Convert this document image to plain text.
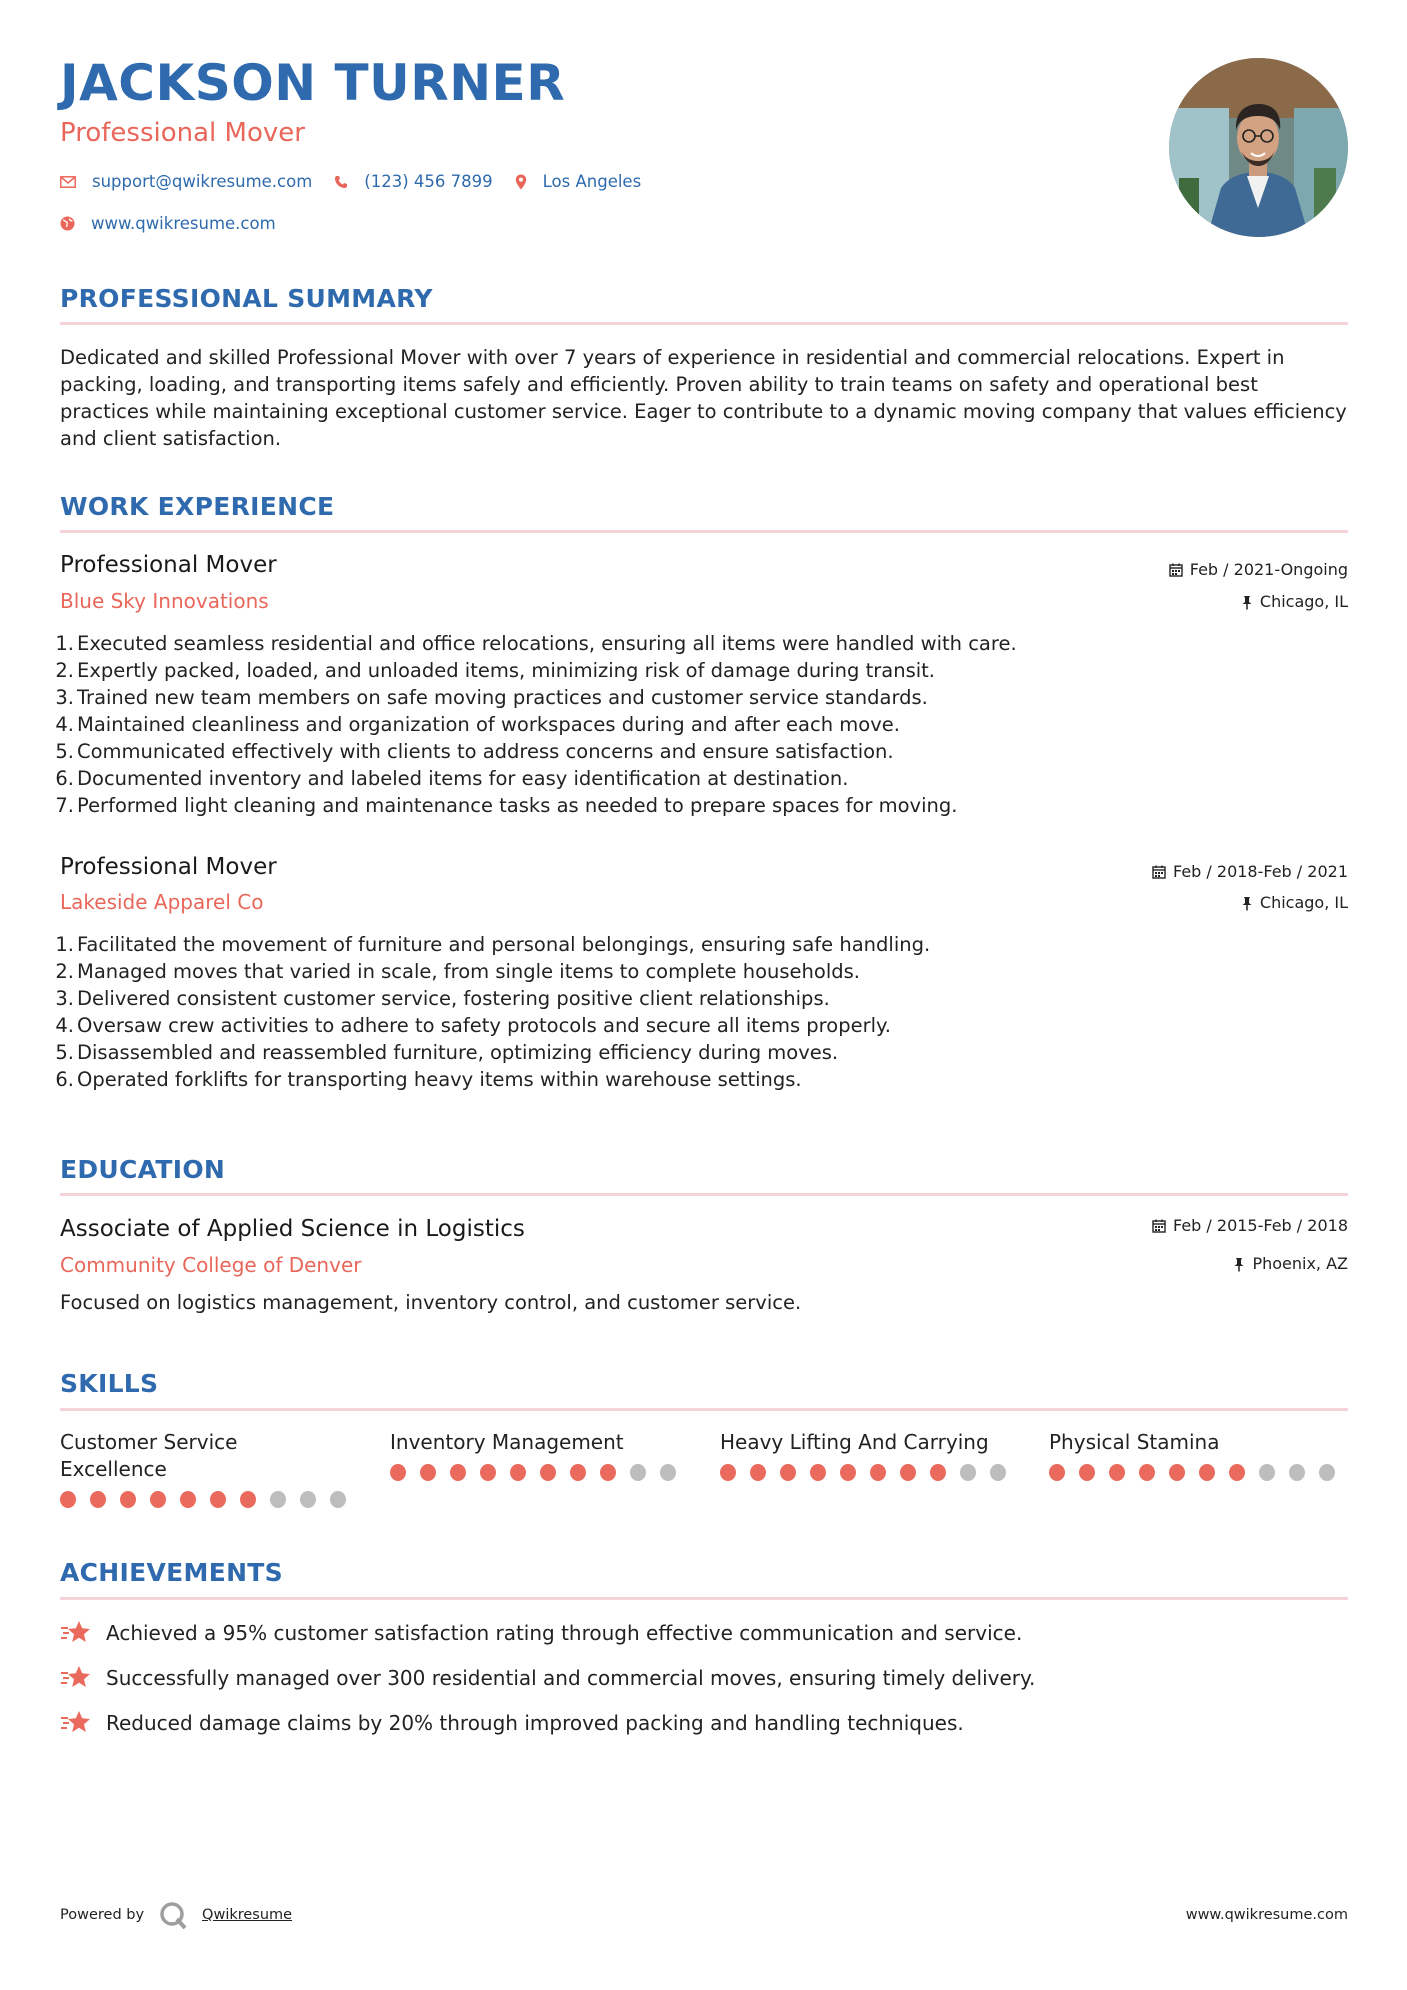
JACKSON TURNER
Professional Mover
support@qwikresume.com	(123) 456 7899	Los Angeles
www.qwikresume.com
PROFESSIONAL SUMMARY

Dedicated and skilled Professional Mover with over 7 years of experience in residential and commercial relocations. Expert in packing, loading, and transporting items safely and efficiently. Proven ability to train teams on safety and operational best practices while maintaining exceptional customer service. Eager to contribute to a dynamic moving company that values efficiency and client satisfaction.

WORK EXPERIENCE
Professional Mover
Blue Sky Innovations
Feb / 2021-Ongoing
Chicago, IL
1. Executed seamless residential and office relocations, ensuring all items were handled with care.
2. Expertly packed, loaded, and unloaded items, minimizing risk of damage during transit.
3. Trained new team members on safe moving practices and customer service standards.
4. Maintained cleanliness and organization of workspaces during and after each move.
5. Communicated effectively with clients to address concerns and ensure satisfaction.
6. Documented inventory and labeled items for easy identification at destination.
7. Performed light cleaning and maintenance tasks as needed to prepare spaces for moving.
Professional Mover
Lakeside Apparel Co
Feb / 2018-Feb / 2021
Chicago, IL
1. Facilitated the movement of furniture and personal belongings, ensuring safe handling.
2. Managed moves that varied in scale, from single items to complete households.
3. Delivered consistent customer service, fostering positive client relationships.
4. Oversaw crew activities to adhere to safety protocols and secure all items properly.
5. Disassembled and reassembled furniture, optimizing efficiency during moves.
6. Operated forklifts for transporting heavy items within warehouse settings.
EDUCATION
Associate of Applied Science in Logistics
Community College of Denver
Feb / 2015-Feb / 2018
Phoenix, AZ

Focused on logistics management, inventory control, and customer service.

SKILLS
Customer Service Excellence
Inventory Management	Heavy Lifting And Carrying	Physical Stamina
ACHIEVEMENTS
Achieved a 95% customer satisfaction rating through effective communication and service.
Successfully managed over 300 residential and commercial moves, ensuring timely delivery.
Reduced damage claims by 20% through improved packing and handling techniques.
Powered by	Qwikresume	www.qwikresume.com
